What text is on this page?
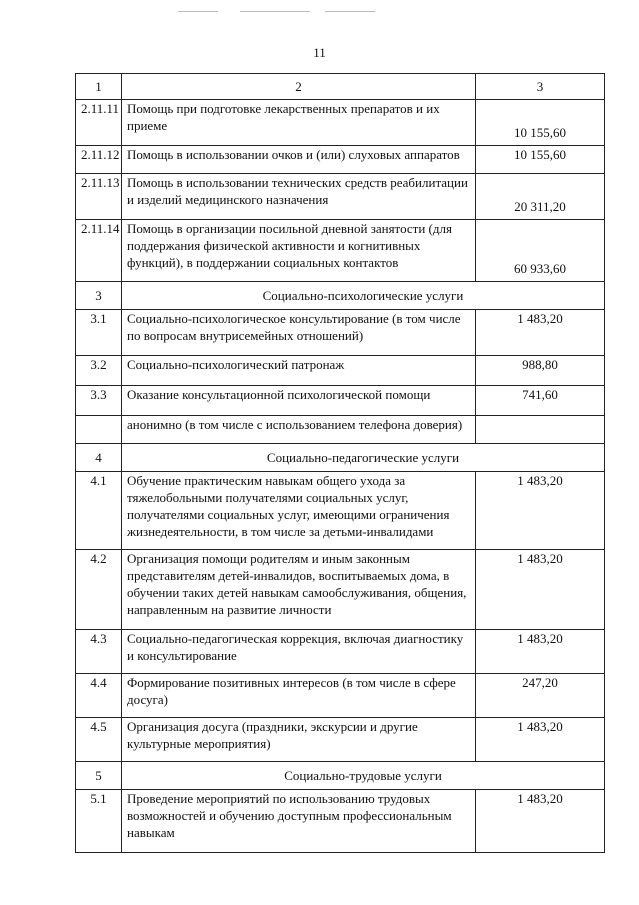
11
1	2	3
2.11.11	Помощь при подготовке лекарственных препаратов и их приеме	10 155,60
2.11.12	Помощь в использовании очков и (или) слуховых аппаратов	10 155,60
2.11.13	Помощь в использовании технических средств реабилитации и изделий медицинского назначения	20 311,20
2.11.14	Помощь в организации посильной дневной занятости (для поддержания физической активности и когнитивных функций), в поддержании социальных контактов	60 933,60
3	Социально-психологические услуги	
3.1	Социально-психологическое консультирование (в том числе по вопросам внутрисемейных отношений)	1 483,20
3.2	Социально-психологический патронаж	988,80
3.3	Оказание консультационной психологической помощи	741,60
	анонимно (в том числе с использованием телефона доверия)	
4	Социально-педагогические услуги	
4.1	Обучение практическим навыкам общего ухода за тяжелобольными получателями социальных услуг, получателями социальных услуг, имеющими ограничения жизнедеятельности, в том числе за детьми-инвалидами	1 483,20
4.2	Организация помощи родителям и иным законным представителям детей-инвалидов, воспитываемых дома, в обучении таких детей навыкам самообслуживания, общения, направленным на развитие личности	1 483,20
4.3	Социально-педагогическая коррекция, включая диагностику и консультирование	1 483,20
4.4	Формирование позитивных интересов (в том числе в сфере досуга)	247,20
4.5	Организация досуга (праздники, экскурсии и другие культурные мероприятия)	1 483,20
5	Социально-трудовые услуги	
5.1	Проведение мероприятий по использованию трудовых возможностей и обучению доступным профессиональным навыкам	1 483,20
